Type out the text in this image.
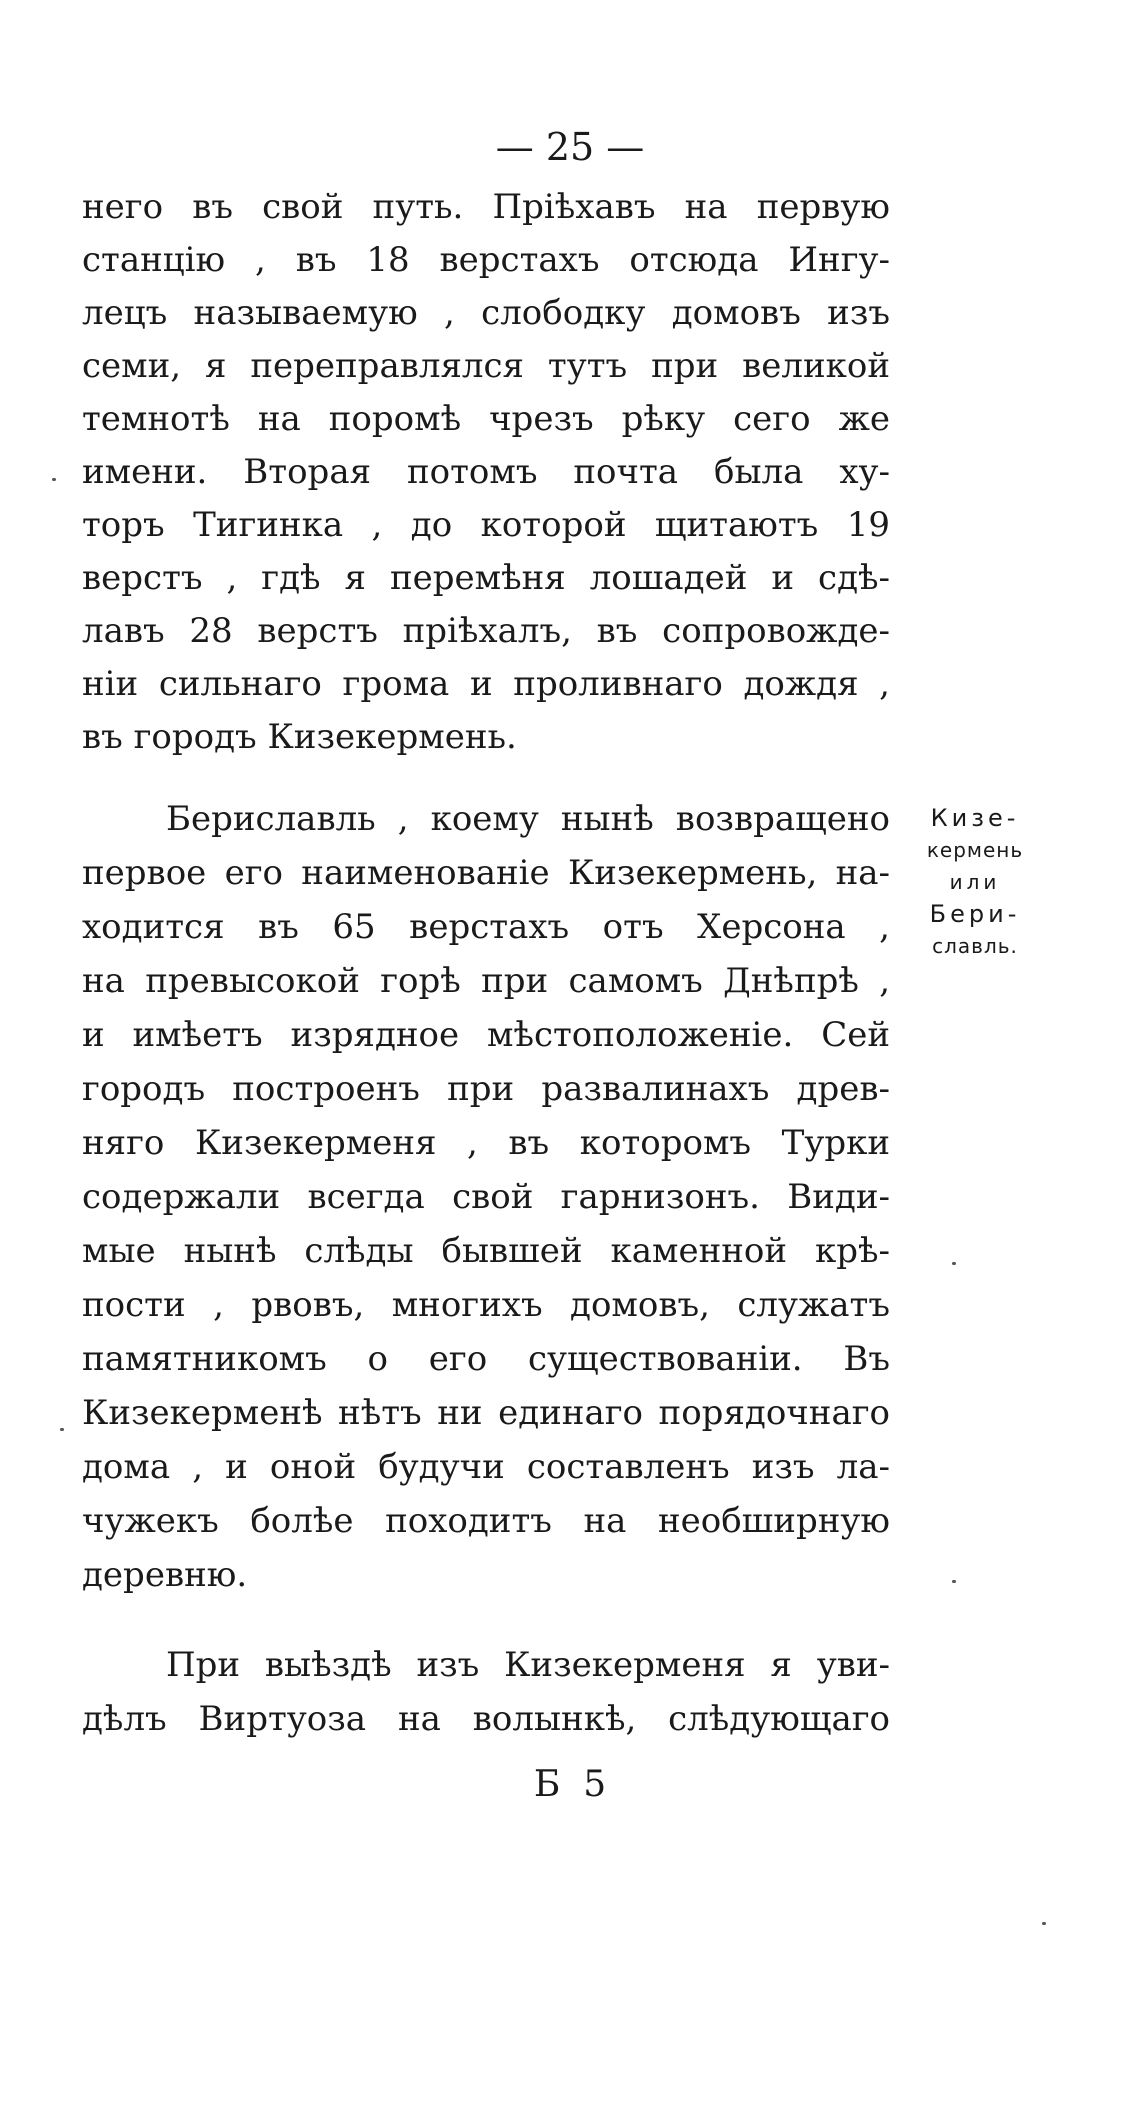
— 25 —
него въ свой путь. Пріѣхавъ на первую
станцію , въ 18 верстахъ отсюда Ингу-
лецъ называемую , слободку домовъ изъ
семи, я переправлялся тутъ при великой
темнотѣ на поромѣ чрезъ рѣку сего же
имени. Вторая потомъ почта была ху-
торъ Тигинка , до которой щитаютъ 19
верстъ , гдѣ я перемѣня лошадей и сдѣ-
лавъ 28 верстъ пріѣхалъ, въ сопровожде-
ніи сильнаго грома и проливнаго дождя ,
въ городъ Кизекермень.
Бериславль , коему нынѣ возвращено
первое его наименованіе Кизекермень, на-
ходится въ 65 верстахъ отъ Херсона ,
на превысокой горѣ при самомъ Днѣпрѣ ,
и имѣетъ изрядное мѣстоположеніе. Сей
городъ построенъ при развалинахъ древ-
няго Кизекерменя , въ которомъ Турки
содержали всегда свой гарнизонъ. Види-
мые нынѣ слѣды бывшей каменной крѣ-
пости , рвовъ, многихъ домовъ, служатъ
памятникомъ о его существованіи. Въ
Кизекерменѣ нѣтъ ни единаго порядочнаго
дома , и оной будучи составленъ изъ ла-
чужекъ болѣе походитъ на необширную
деревню.
Кизе-
кермень
или
Бери-
славль.
При выѣздѣ изъ Кизекерменя я уви-
дѣлъ Виртуоза на волынкѣ, слѣдующаго
Б  5
